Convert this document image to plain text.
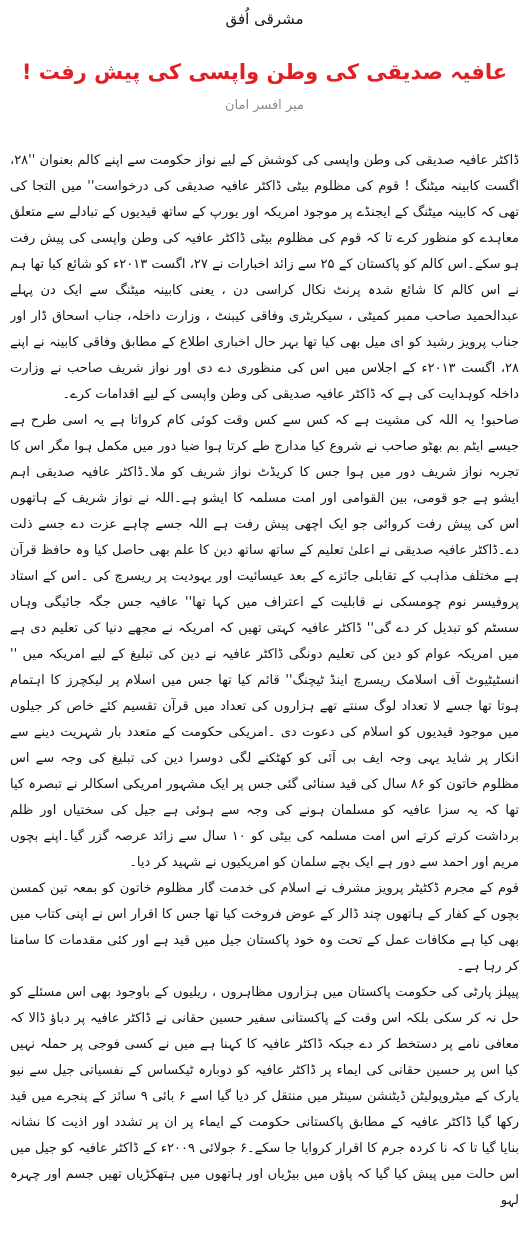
مشرقی اُفق
عافیہ صدیقی کی وطن واپسی کی پیش رفت !
میر افسر امان

ڈاکٹر عافیہ صدیقی کی وطن واپسی کی کوشش کے لیے نواز حکومت سے اپنے کالم بعنوان ''۲۸، اگست کابینہ میٹنگ ! قوم کی مظلوم بیٹی ڈاکٹر عافیہ صدیقی کی درخواست'' میں التجا کی تھی کہ کابینہ میٹنگ کے ایجنڈے پر موجود امریکہ اور یورپ کے ساتھ قیدیوں کے تبادلے سے متعلق معاہدے کو منظور کرے تا کہ قوم کی مظلوم بیٹی ڈاکٹر عافیہ کی وطن واپسی کی پیش رفت ہو سکے۔اس کالم کو پاکستان کے ۲۵ سے زائد اخبارات نے ۲۷، اگست ۲۰۱۳ء کو شائع کیا تھا ہم نے اس کالم کا شائع شدہ پرنٹ نکال کراسی دن ، یعنی کابینہ میٹنگ سے ایک دن پہلے عبدالحمید صاحب ممبر کمیٹی ، سیکریٹری وفاقی کیبنٹ ، وزارت داخلہ، جناب اسحاق ڈار اور جناب پرویز رشید کو ای میل بھی کیا تھا بہر حال اخباری اطلاع کے مطابق وفاقی کابینہ نے اپنے ۲۸، اگست ۲۰۱۳ء کے اجلاس میں اس کی منظوری دے دی اور نواز شریف صاحب نے وزارت داخلہ کوہدایت کی ہے کہ ڈاکٹر عافیہ صدیقی کی وطن واپسی کے لیے اقدامات کرے۔

صاحبو! یہ اللہ کی مشیت ہے کہ کس سے کس وقت کوئی کام کرواتا ہے یہ اسی طرح ہے جیسے ایٹم بم بھٹو صاحب نے شروع کیا مدارج طے کرتا ہوا ضیا دور میں مکمل ہوا مگر اس کا تجربہ نواز شریف دور میں ہوا جس کا کریڈٹ نواز شریف کو ملا۔ڈاکٹر عافیہ صدیقی اہم ایشو ہے جو قومی، بین القوامی اور امت مسلمہ کا ایشو ہے۔اللہ نے نواز شریف کے ہاتھوں اس کی پیش رفت کروائی جو ایک اچھی پیش رفت ہے اللہ جسے چاہے عزت دے جسے ذلت دے۔ڈاکٹر عافیہ صدیقی نے اعلیٰ تعلیم کے ساتھ ساتھ دین کا علم بھی حاصل کیا وہ حافظ قرآن ہے مختلف مذاہب کے تقابلی جائزے کے بعد عیسائیت اور یہودیت پر ریسرچ کی ۔اس کے استاد پروفیسر نوم چومسکی نے قابلیت کے اعتراف میں کہا تھا'' عافیہ جس جگہ جائیگی وہاں سسٹم کو تبدیل کر دے گی'' ڈاکٹر عافیہ کہتی تھیں کہ امریکہ نے مجھے دنیا کی تعلیم دی ہے میں امریکہ عوام کو دین کی تعلیم دونگی ڈاکٹر عافیہ نے دین کی تبلیغ کے لیے امریکہ میں '' انسٹیٹیوٹ آف اسلامک ریسرچ اینڈ ٹیچنگ'' قائم کیا تھا جس میں اسلام پر لیکچرز کا اہتمام ہوتا تھا جسے لا تعداد لوگ سنتے تھے ہزاروں کی تعداد میں قرآن تقسیم کئے خاص کر جیلوں میں موجود قیدیوں کو اسلام کی دعوت دی ۔امریکی حکومت کے متعدد بار شہریت دینے سے انکار پر شاید یہی وجہ ایف بی آئی کو کھٹکنے لگی دوسرا دین کی تبلیغ کی وجہ سے اس مظلوم خاتون کو ۸۶ سال کی قید سنائی گئی جس پر ایک مشہور امریکی اسکالر نے تبصرہ کیا تھا کہ یہ سزا عافیہ کو مسلمان ہونے کی وجہ سے ہوئی ہے جیل کی سختیاں اور ظلم برداشت کرتے کرتے اس امت مسلمہ کی بیٹی کو ۱۰ سال سے زائد عرصہ گزر گیا۔اپنے بچوں مریم اور احمد سے دور ہے ایک بچے سلمان کو امریکیوں نے شہید کر دیا۔

قوم کے مجرم ڈکٹیٹر پرویز مشرف نے اسلام کی خدمت گار مظلوم خاتون کو بمعہ تین کمسن بچوں کے کفار کے ہاتھوں چند ڈالر کے عوض فروخت کیا تھا جس کا اقرار اس نے اپنی کتاب میں بھی کیا ہے مکافات عمل کے تحت وہ خود پاکستان جیل میں قید ہے اور کئی مقدمات کا سامنا کر رہا ہے۔

پیپلز پارٹی کی حکومت پاکستان میں ہزاروں مظاہروں ، ریلیوں کے باوجود بھی اس مسئلے کو حل نہ کر سکی بلکہ اس وقت کے پاکستانی سفیر حسین حقانی نے ڈاکٹر عافیہ پر دباؤ ڈالا کہ معافی نامے پر دستخط کر دے جبکہ ڈاکٹر عافیہ کا کہنا ہے میں نے کسی فوجی پر حملہ نہیں کیا اس پر حسین حقانی کی ایماء پر ڈاکٹر عافیہ کو دوبارہ ٹیکساس کے نفسیاتی جیل سے نیو یارک کے میٹروپولیٹن ڈیٹنشن سینٹر میں منتقل کر دیا گیا اسے ۶ بائی ۹ سائز کے پنجرے میں قید رکھا گیا ڈاکٹر عافیہ کے مطابق پاکستانی حکومت کے ایماء پر ان پر تشدد اور اذیت کا نشانہ بنایا گیا تا کہ نا کردہ جرم کا اقرار کروایا جا سکے۔۶ جولائی ۲۰۰۹ء کے ڈاکٹر عافیہ کو جیل میں اس حالت میں پیش کیا گیا کہ پاؤں میں بیڑیاں اور ہاتھوں میں ہتھکڑیاں تھیں جسم اور چہرہ لہو
